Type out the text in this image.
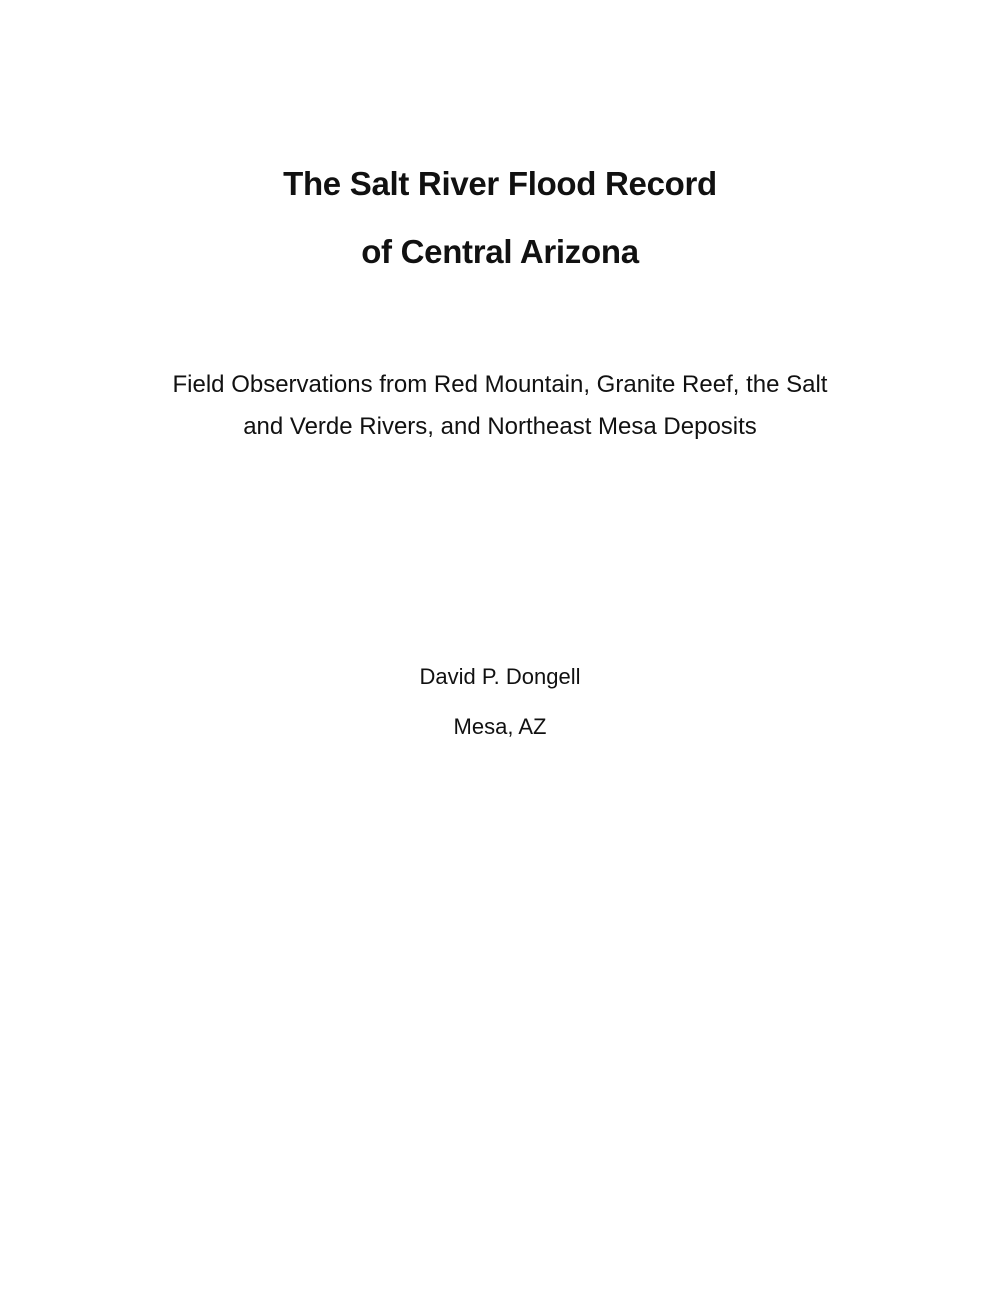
The Salt River Flood Record
of Central Arizona
Field Observations from Red Mountain, Granite Reef, the Salt
and Verde Rivers, and Northeast Mesa Deposits
David P. Dongell
Mesa, AZ
